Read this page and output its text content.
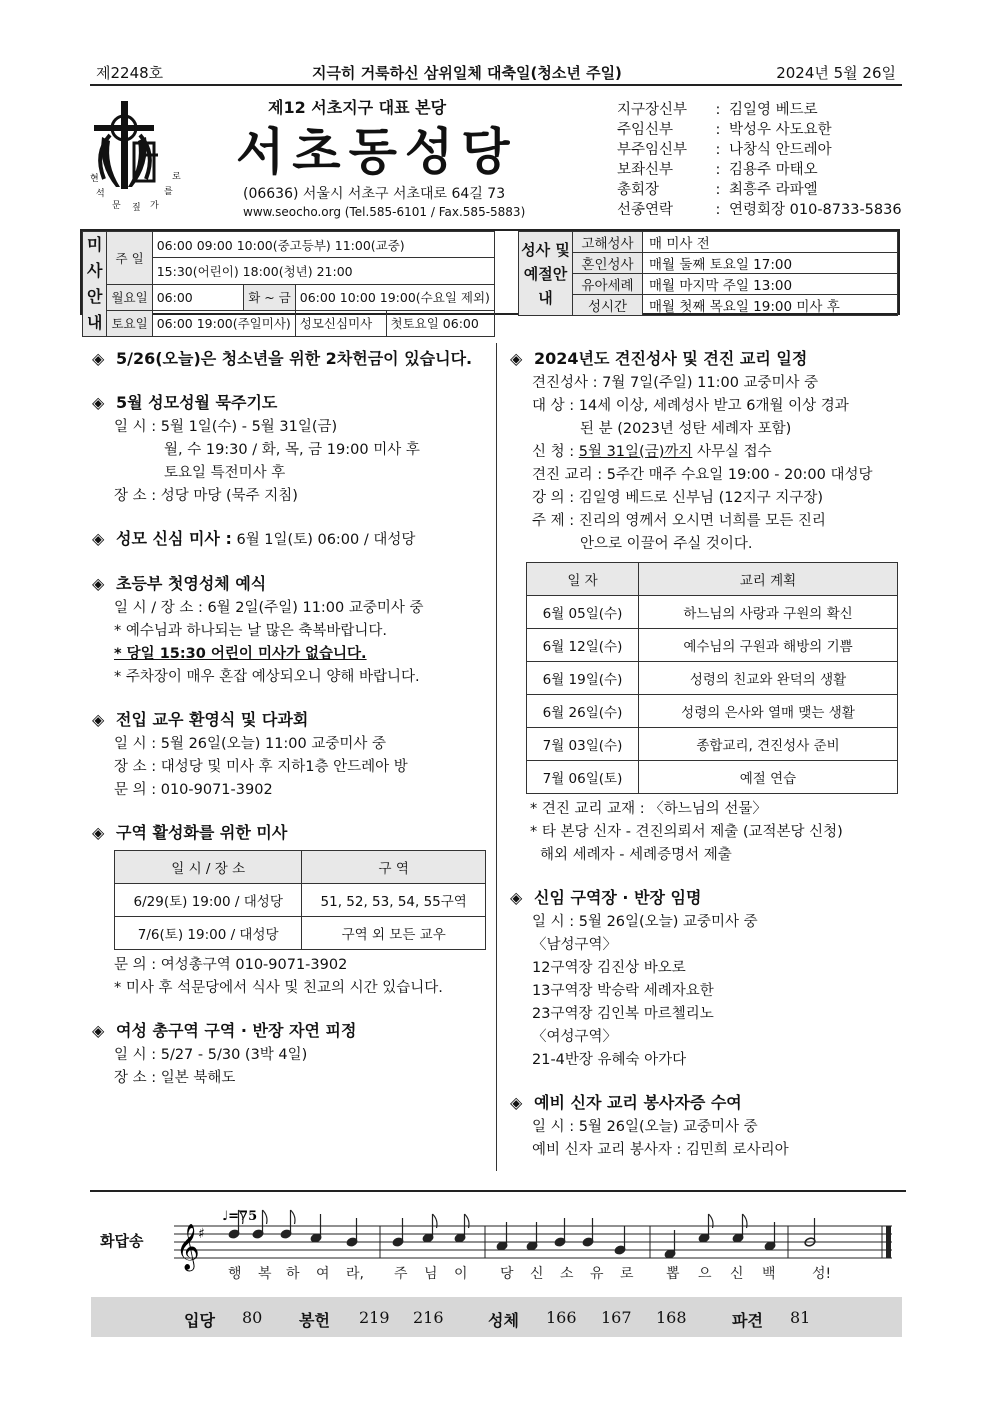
제2248호	지극히 거룩하신 삼위일체 대축일(청소년 주일)	2024년 5월 26일
현	로
석	를
문 짚 가
제12 서초지구 대표 본당
서초동성당
(06636) 서울시 서초구 서초대로 64길 73
www.seocho.org (Tel.585-6101 / Fax.585-5883)
지구장신부	: 김일영 베드로
주임신부	: 박성우 사도요한
부주임신부	: 나창식 안드레아
보좌신부	: 김용주 마태오
총회장	: 최흥주 라파엘
선종연락	: 연령회장 010-8733-5836
미사 안내	주 일	06:00 09:00 10:00(중고등부) 11:00(교중)			
		15:30(어린이) 18:00(청년) 21:00			
	월요일	06:00	화 ~ 금	06:00 10:00 19:00(수요일 제외)	
	토요일	06:00 19:00(주일미사)		성모신심미사	첫토요일 06:00
성사 및 예절안내	고해성사	매 미사 전
	혼인성사	매월 둘째 토요일 17:00
	유아세례	매월 마지막 주일 13:00
	성시간	매월 첫째 목요일 19:00 미사 후
◈ 5/26(오늘)은 청소년을 위한 2차헌금이 있습니다.
◈ 5월 성모성월 묵주기도
일 시 : 5월 1일(수) - 5월 31일(금)
월, 수 19:30 / 화, 목, 금 19:00 미사 후
토요일 특전미사 후
장 소 : 성당 마당 (묵주 지침)
◈ 성모 신심 미사 : 6월 1일(토) 06:00 / 대성당
◈ 초등부 첫영성체 예식
일 시 / 장 소 : 6월 2일(주일) 11:00 교중미사 중
* 예수님과 하나되는 날 많은 축복바랍니다.
* 당일 15:30 어린이 미사가 없습니다.
* 주차장이 매우 혼잡 예상되오니 양해 바랍니다.
◈ 전입 교우 환영식 및 다과회
일 시 : 5월 26일(오늘) 11:00 교중미사 중
장 소 : 대성당 및 미사 후 지하1층 안드레아 방
문 의 : 010-9071-3902
◈ 구역 활성화를 위한 미사
일 시 / 장 소	구 역
6/29(토) 19:00 / 대성당	51, 52, 53, 54, 55구역
7/6(토) 19:00 / 대성당	구역 외 모든 교우
문 의 : 여성총구역 010-9071-3902
* 미사 후 석문당에서 식사 및 친교의 시간 있습니다.
◈ 여성 총구역 구역 · 반장 자연 피정
일 시 : 5/27 - 5/30 (3박 4일)
장 소 : 일본 북해도
◈ 2024년도 견진성사 및 견진 교리 일정
견진성사 : 7월 7일(주일) 11:00 교중미사 중
대 상 : 14세 이상, 세례성사 받고 6개월 이상 경과
된 분 (2023년 성탄 세례자 포함)
신 청 : 5월 31일(금)까지 사무실 접수
견진 교리 : 5주간 매주 수요일 19:00 - 20:00 대성당
강 의 : 김일영 베드로 신부님 (12지구 지구장)
주 제 : 진리의 영께서 오시면 너희를 모든 진리
안으로 이끌어 주실 것이다.
일 자	교리 계획
6월 05일(수)	하느님의 사랑과 구원의 확신
6월 12일(수)	예수님의 구원과 해방의 기쁨
6월 19일(수)	성령의 친교와 완덕의 생활
6월 26일(수)	성령의 은사와 열매 맺는 생활
7월 03일(수)	종합교리, 견진성사 준비
7월 06일(토)	예절 연습
* 견진 교리 교재 : 〈하느님의 선물〉
* 타 본당 신자 - 견진의뢰서 제출 (교적본당 신청)
해외 세례자 - 세례증명서 제출
◈ 신임 구역장 · 반장 임명
일 시 : 5월 26일(오늘) 교중미사 중
〈남성구역〉
12구역장 김진상 바오로
13구역장 박승락 세례자요한
23구역장 김인복 마르첼리노
〈여성구역〉
21-4반장 유혜숙 아가다
◈ 예비 신자 교리 봉사자증 수여
일 시 : 5월 26일(오늘) 교중미사 중
예비 신자 교리 봉사자 : 김민희 로사리아
화답송 𝄞
♯
♩=75
행 복 하 여 라, 주 님 이 당 신 소 유 로 뽑 으 신 백	성!
입당 80 봉헌 219 216	성체 166 167 168	파견 81
